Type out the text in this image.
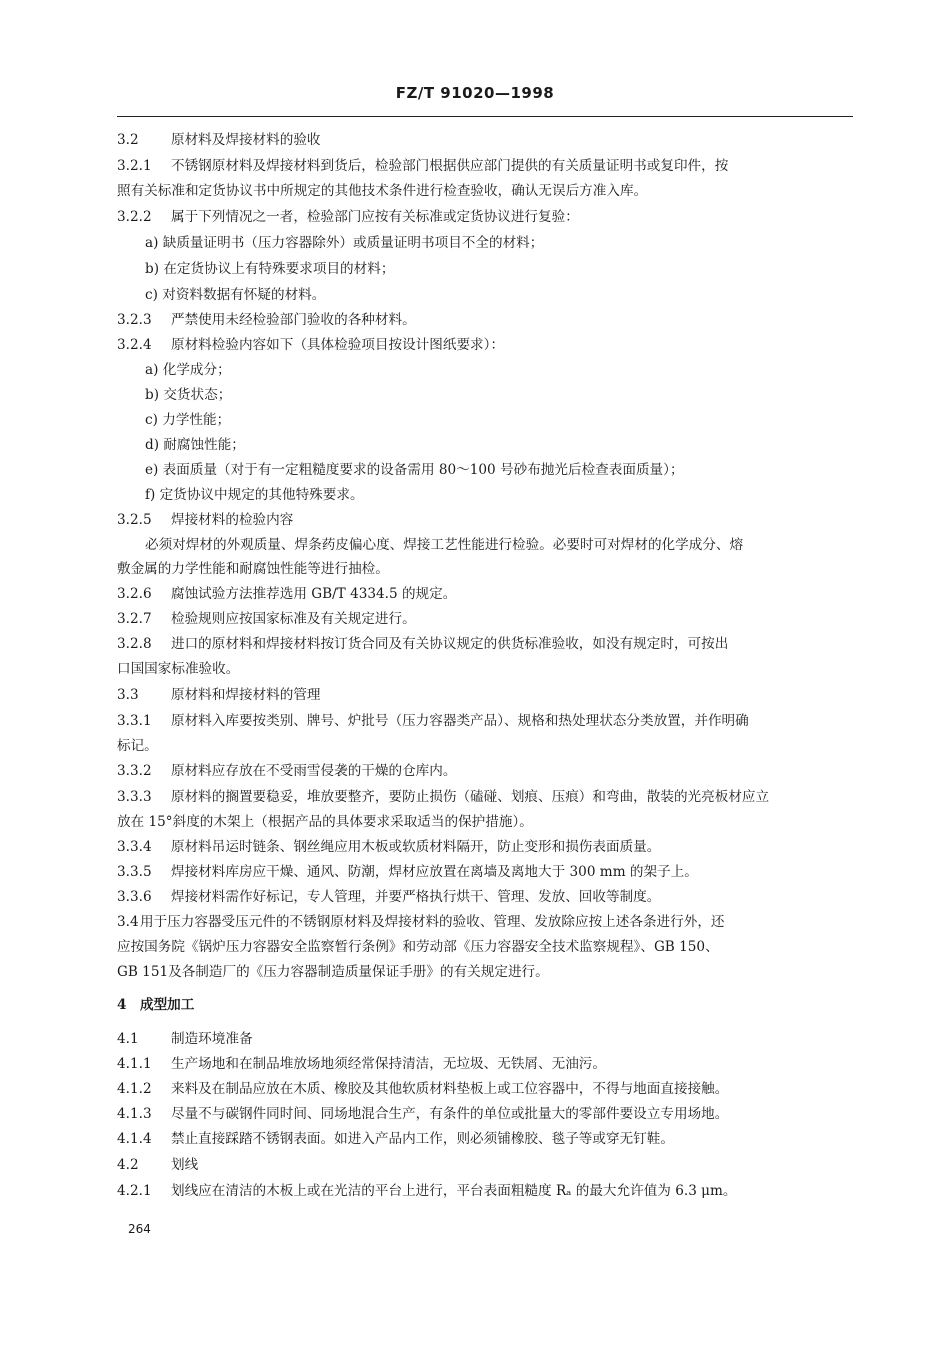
FZ/T 91020—1998
3.2 原材料及焊接材料的验收
3.2.1 不锈钢原材料及焊接材料到货后，检验部门根据供应部门提供的有关质量证明书或复印件，按
照有关标准和定货协议书中所规定的其他技术条件进行检查验收，确认无误后方准入库。
3.2.2 属于下列情况之一者，检验部门应按有关标准或定货协议进行复验：
a) 缺质量证明书（压力容器除外）或质量证明书项目不全的材料；
b) 在定货协议上有特殊要求项目的材料；
c) 对资料数据有怀疑的材料。
3.2.3 严禁使用未经检验部门验收的各种材料。
3.2.4 原材料检验内容如下（具体检验项目按设计图纸要求）：
a) 化学成分；
b) 交货状态；
c) 力学性能；
d) 耐腐蚀性能；
e) 表面质量（对于有一定粗糙度要求的设备需用 80～100 号砂布抛光后检查表面质量）；
f) 定货协议中规定的其他特殊要求。
3.2.5 焊接材料的检验内容
必须对焊材的外观质量、焊条药皮偏心度、焊接工艺性能进行检验。必要时可对焊材的化学成分、熔
敷金属的力学性能和耐腐蚀性能等进行抽检。
3.2.6 腐蚀试验方法推荐选用 GB/T 4334.5 的规定。
3.2.7 检验规则应按国家标准及有关规定进行。
3.2.8 进口的原材料和焊接材料按订货合同及有关协议规定的供货标准验收，如没有规定时，可按出
口国国家标准验收。
3.3 原材料和焊接材料的管理
3.3.1 原材料入库要按类别、牌号、炉批号（压力容器类产品）、规格和热处理状态分类放置，并作明确
标记。
3.3.2 原材料应存放在不受雨雪侵袭的干燥的仓库内。
3.3.3 原材料的搁置要稳妥，堆放要整齐，要防止损伤（磕碰、划痕、压痕）和弯曲，散装的光亮板材应立
放在 15°斜度的木架上（根据产品的具体要求采取适当的保护措施）。
3.3.4 原材料吊运时链条、钢丝绳应用木板或软质材料隔开，防止变形和损伤表面质量。
3.3.5 焊接材料库房应干燥、通风、防潮，焊材应放置在离墙及离地大于 300 mm 的架子上。
3.3.6 焊接材料需作好标记，专人管理，并要严格执行烘干、管理、发放、回收等制度。
3.4用于压力容器受压元件的不锈钢原材料及焊接材料的验收、管理、发放除应按上述各条进行外，还
应按国务院《锅炉压力容器安全监察暂行条例》和劳动部《压力容器安全技术监察规程》、GB 150、
GB 151及各制造厂的《压力容器制造质量保证手册》的有关规定进行。
4 成型加工
4.1 制造环境准备
4.1.1 生产场地和在制品堆放场地须经常保持清洁，无垃圾、无铁屑、无油污。
4.1.2 来料及在制品应放在木质、橡胶及其他软质材料垫板上或工位容器中，不得与地面直接接触。
4.1.3 尽量不与碳钢件同时间、同场地混合生产，有条件的单位或批量大的零部件要设立专用场地。
4.1.4 禁止直接踩踏不锈钢表面。如进入产品内工作，则必须铺橡胶、毯子等或穿无钉鞋。
4.2 划线
4.2.1 划线应在清洁的木板上或在光洁的平台上进行，平台表面粗糙度 Rₐ 的最大允许值为 6.3 μm。
264
